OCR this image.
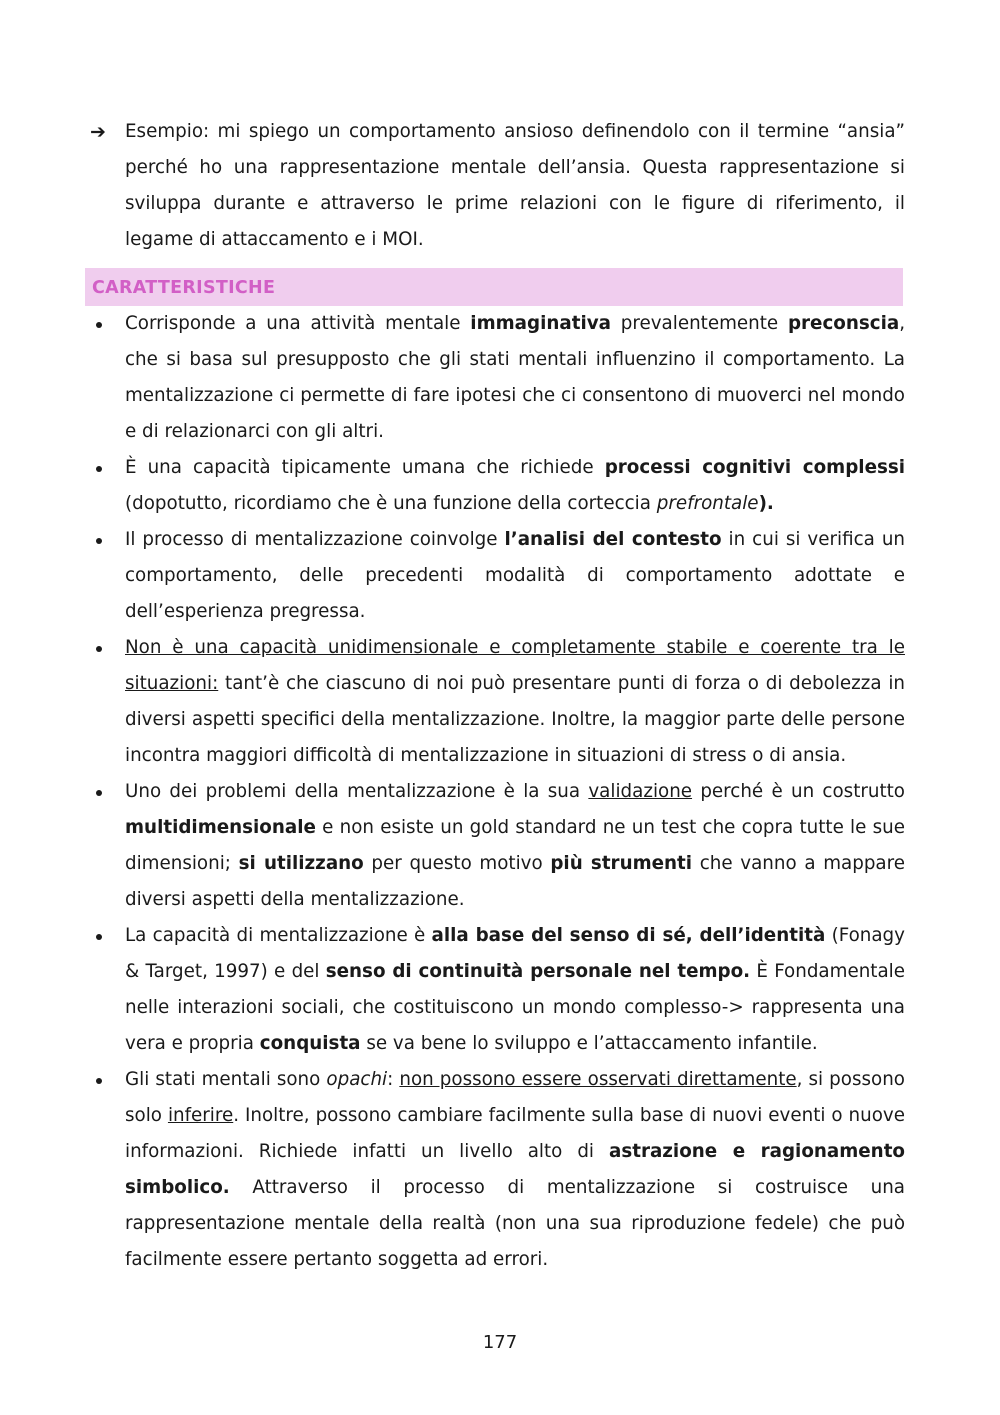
➔ Esempio: mi spiego un comportamento ansioso definendolo con il termine “ansia” perché ho una rappresentazione mentale dell’ansia. Questa rappresentazione si sviluppa durante e attraverso le prime relazioni con le figure di riferimento, il legame di attaccamento e i MOI.

CARATTERISTICHE
Corrisponde a una attività mentale immaginativa prevalentemente preconscia, che si basa sul presupposto che gli stati mentali influenzino il comportamento. La mentalizzazione ci permette di fare ipotesi che ci consentono di muoverci nel mondo e di relazionarci con gli altri.
È una capacità tipicamente umana che richiede processi cognitivi complessi (dopotutto, ricordiamo che è una funzione della corteccia prefrontale).
Il processo di mentalizzazione coinvolge l’analisi del contesto in cui si verifica un comportamento, delle precedenti modalità di comportamento adottate e dell’esperienza pregressa.
Non è una capacità unidimensionale e completamente stabile e coerente tra le situazioni: tant’è che ciascuno di noi può presentare punti di forza o di debolezza in diversi aspetti specifici della mentalizzazione. Inoltre, la maggior parte delle persone incontra maggiori difficoltà di mentalizzazione in situazioni di stress o di ansia.
Uno dei problemi della mentalizzazione è la sua validazione perché è un costrutto multidimensionale e non esiste un gold standard ne un test che copra tutte le sue dimensioni; si utilizzano per questo motivo più strumenti che vanno a mappare diversi aspetti della mentalizzazione.
La capacità di mentalizzazione è alla base del senso di sé, dell’identità (Fonagy & Target, 1997) e del senso di continuità personale nel tempo. È Fondamentale nelle interazioni sociali, che costituiscono un mondo complesso-> rappresenta una vera e propria conquista se va bene lo sviluppo e l’attaccamento infantile.
Gli stati mentali sono opachi: non possono essere osservati direttamente, si possono solo inferire. Inoltre, possono cambiare facilmente sulla base di nuovi eventi o nuove informazioni. Richiede infatti un livello alto di astrazione e ragionamento simbolico. Attraverso il processo di mentalizzazione si costruisce una rappresentazione mentale della realtà (non una sua riproduzione fedele) che può facilmente essere pertanto soggetta ad errori.
177
